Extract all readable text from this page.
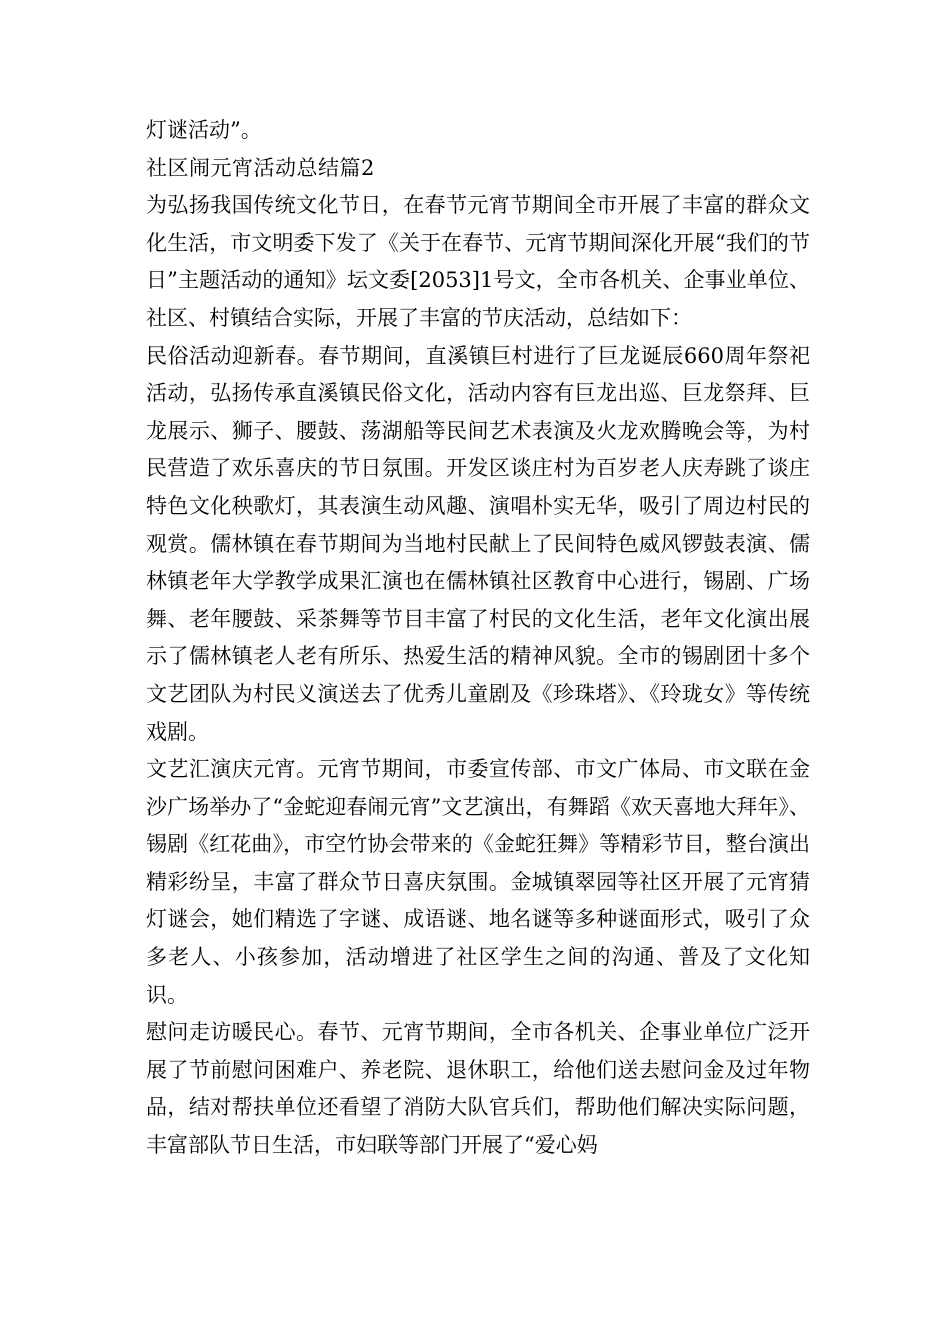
灯谜活动”。

社区闹元宵活动总结篇2

为弘扬我国传统文化节日，在春节元宵节期间全市开展了丰富的群众文化生活，市文明委下发了《关于在春节、元宵节期间深化开展“我们的节日”主题活动的通知》坛文委[2053]1号文，全市各机关、企事业单位、社区、村镇结合实际，开展了丰富的节庆活动，总结如下：

民俗活动迎新春。春节期间，直溪镇巨村进行了巨龙诞辰660周年祭祀活动，弘扬传承直溪镇民俗文化，活动内容有巨龙出巡、巨龙祭拜、巨龙展示、狮子、腰鼓、荡湖船等民间艺术表演及火龙欢腾晚会等，为村民营造了欢乐喜庆的节日氛围。开发区谈庄村为百岁老人庆寿跳了谈庄特色文化秧歌灯，其表演生动风趣、演唱朴实无华，吸引了周边村民的观赏。儒林镇在春节期间为当地村民献上了民间特色威风锣鼓表演、儒林镇老年大学教学成果汇演也在儒林镇社区教育中心进行，锡剧、广场舞、老年腰鼓、采茶舞等节目丰富了村民的文化生活，老年文化演出展示了儒林镇老人老有所乐、热爱生活的精神风貌。全市的锡剧团十多个文艺团队为村民义演送去了优秀儿童剧及《珍珠塔》、《玲珑女》等传统戏剧。

文艺汇演庆元宵。元宵节期间，市委宣传部、市文广体局、市文联在金沙广场举办了“金蛇迎春闹元宵”文艺演出，有舞蹈《欢天喜地大拜年》、锡剧《红花曲》，市空竹协会带来的《金蛇狂舞》等精彩节目，整台演出精彩纷呈，丰富了群众节日喜庆氛围。金城镇翠园等社区开展了元宵猜灯谜会，她们精选了字谜、成语谜、地名谜等多种谜面形式，吸引了众多老人、小孩参加，活动增进了社区学生之间的沟通、普及了文化知识。

慰问走访暖民心。春节、元宵节期间，全市各机关、企事业单位广泛开展了节前慰问困难户、养老院、退休职工，给他们送去慰问金及过年物品，结对帮扶单位还看望了消防大队官兵们，帮助他们解决实际问题，丰富部队节日生活，市妇联等部门开展了“爱心妈
